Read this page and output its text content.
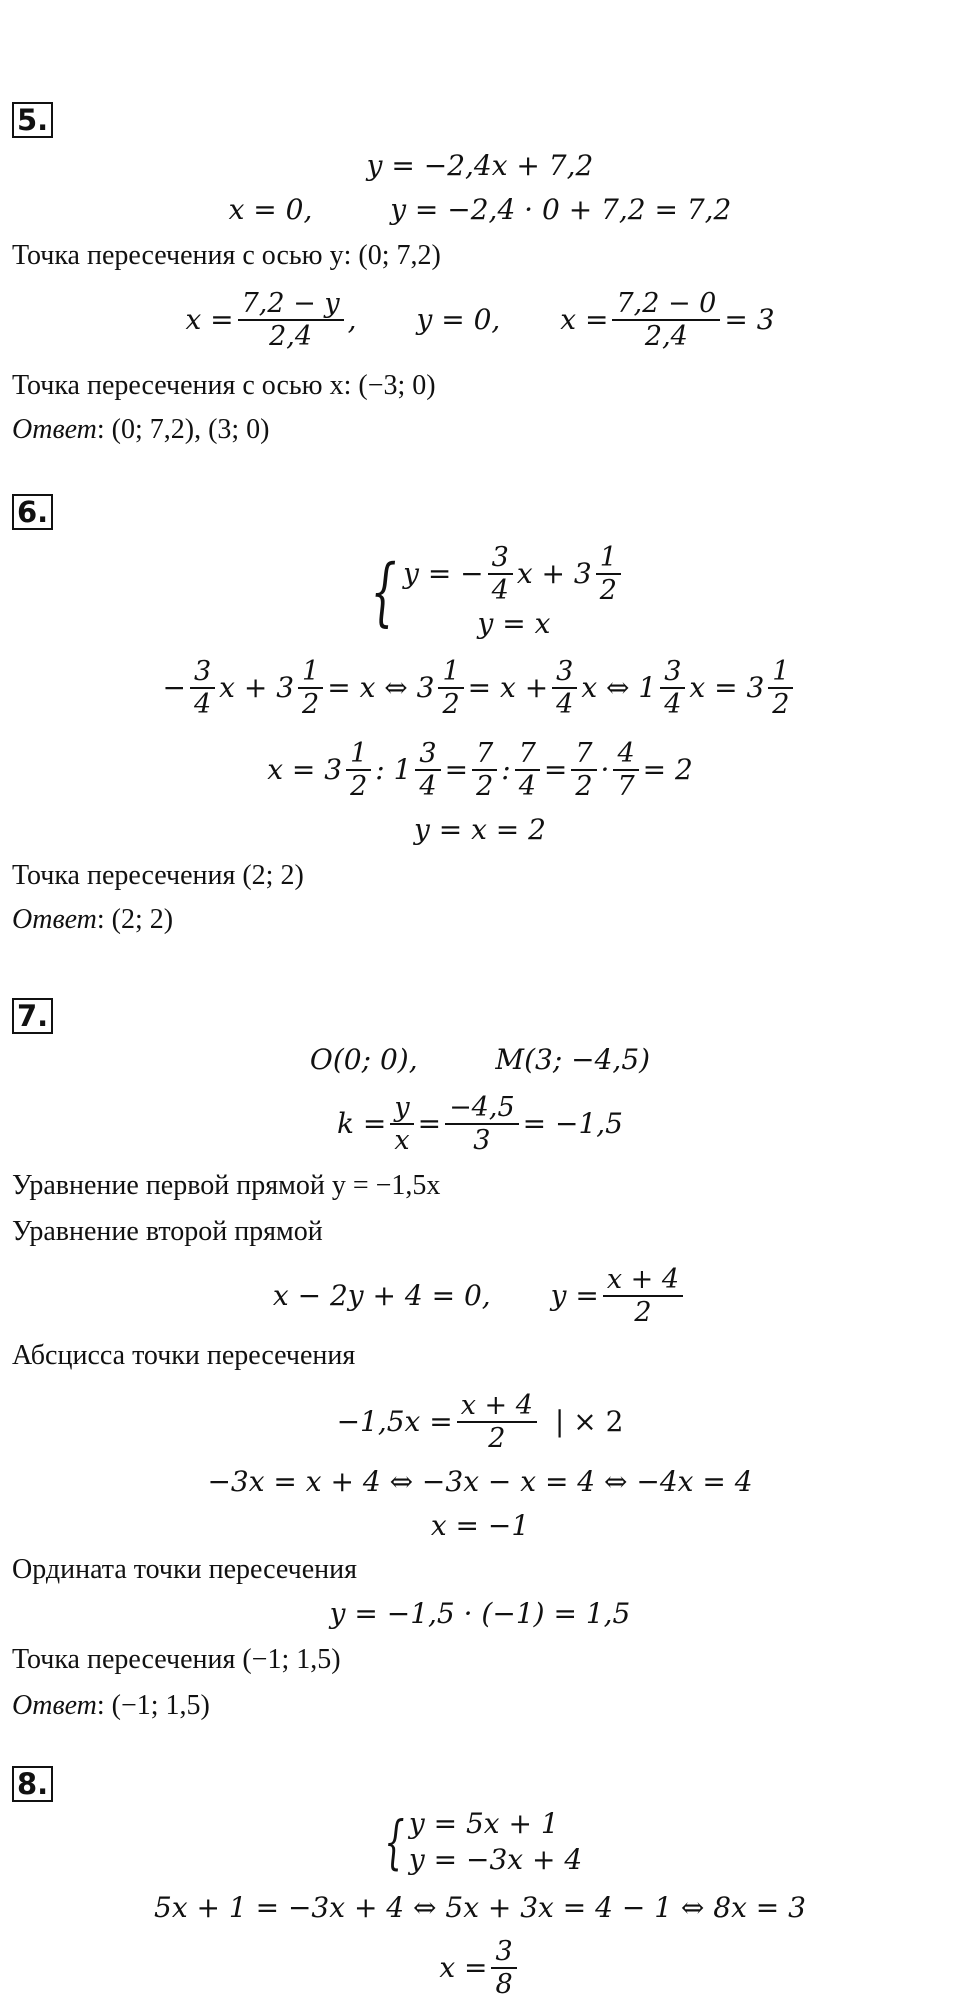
5.
y = −2,4x + 7,2
x = 0,	y = −2,4 · 0 + 7,2 = 7,2
Точка пересечения с осью y: (0; 7,2)
$x = \frac{7,2 - y}{2,4}$ , y = 0, $x = \frac{7,2 - 0}{2,4} = 3$
Точка пересечения с осью x: (−3; 0)
Ответ: (0; 7,2), (3; 0)
6.
{ y = − $\frac{3}{4}$ $x + 3 \frac{1}{2}$
y = x
− $\frac{3}{4}$ $x + 3 \frac{1}{2} = x$ ⇔ $3 \frac{1}{2} = x + \frac{3}{4}$ x ⇔ $1 \frac{3}{4}$ $x = 3 \frac{1}{2}$
$x = 3 \frac{1}{2}$ : $1 \frac{3}{4} = \frac{7}{2}$ : $\frac{7}{4} = \frac{7}{2} \cdot \frac{4}{7} = 2$
y = x = 2
Точка пересечения (2; 2)
Ответ: (2; 2)
7.
O(0; 0),	M(3; −4,5)
$k = \frac{y}{x} = \frac{-4,5}{3} = -1,5$
Уравнение первой прямой y = −1,5x
Уравнение второй прямой
x − 2y + 4 = 0, $y = \frac{x + 4}{2}$
Абсцисса точки пересечения
$-1,5x = \frac{x + 4}{2}$ | × 2
−3x = x + 4 ⇔ −3x − x = 4 ⇔ −4x = 4
x = −1
Ордината точки пересечения
y = −1,5 · (−1) = 1,5
Точка пересечения (−1; 1,5)
Ответ: (−1; 1,5)
8.
{ y = 5x + 1
y = −3x + 4
5x + 1 = −3x + 4 ⇔ 5x + 3x = 4 − 1 ⇔ 8x = 3
$x = \frac{3}{8}$
